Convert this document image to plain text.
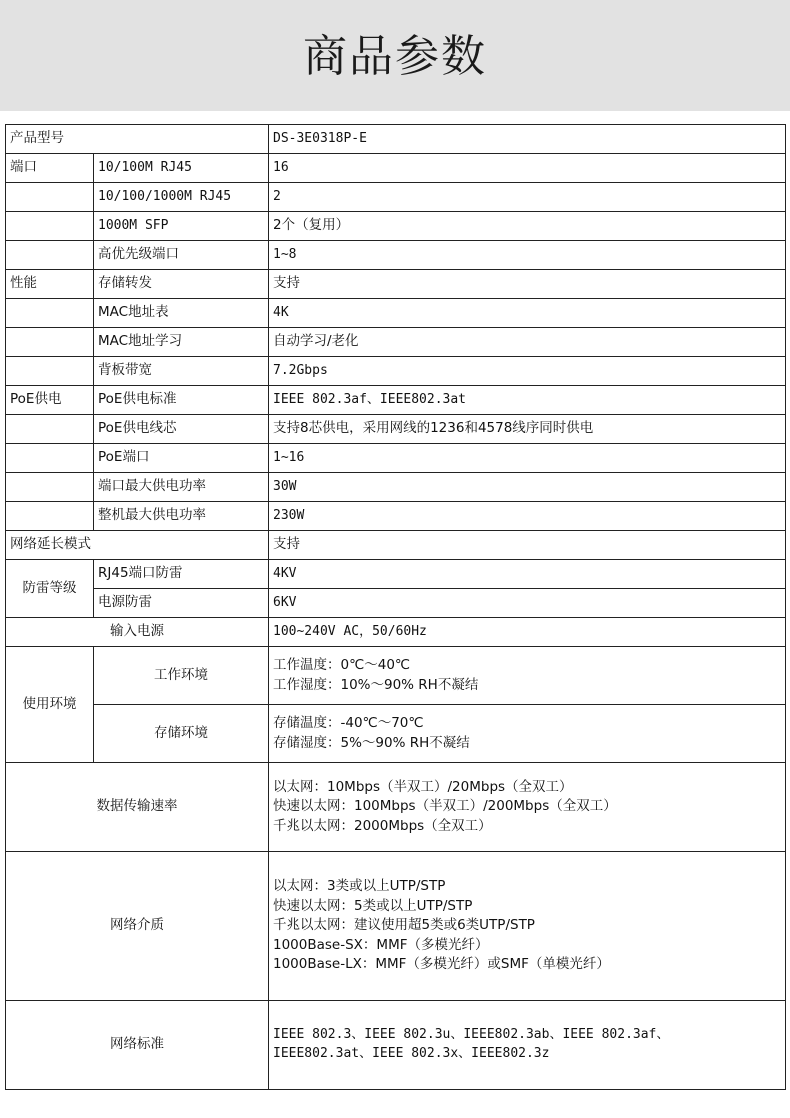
商品参数
产品型号		DS-3E0318P-E
端口	10/100M RJ45	16
	10/100/1000M RJ45	2
	1000M SFP	2个（复用）
	高优先级端口	1~8
性能	存储转发	支持
	MAC地址表	4K
	MAC地址学习	自动学习/老化
	背板带宽	7.2Gbps
PoE供电	PoE供电标准	IEEE 802.3af、IEEE802.3at
	PoE供电线芯	支持8芯供电，采用网线的1236和4578线序同时供电
	PoE端口	1~16
	端口最大供电功率	30W
	整机最大供电功率	230W
网络延长模式		支持
防雷等级	RJ45端口防雷	4KV
	电源防雷	6KV
输入电源		100~240V AC，50/60Hz
使用环境	工作环境	工作温度：0℃～40℃
工作湿度：10%～90% RH不凝结

	存储环境	存储温度：-40℃～70℃
存储湿度：5%～90% RH不凝结

数据传输速率		以太网：10Mbps（半双工）/20Mbps（全双工）
快速以太网：100Mbps（半双工）/200Mbps（全双工）
千兆以太网：2000Mbps（全双工）

网络介质		以太网：3类或以上UTP/STP
快速以太网：5类或以上UTP/STP
千兆以太网：建议使用超5类或6类UTP/STP
1000Base-SX：MMF（多模光纤）
1000Base-LX：MMF（多模光纤）或SMF（单模光纤）

网络标准		IEEE 802.3、IEEE 802.3u、IEEE802.3ab、IEEE 802.3af、
IEEE802.3at、IEEE 802.3x、IEEE802.3z
